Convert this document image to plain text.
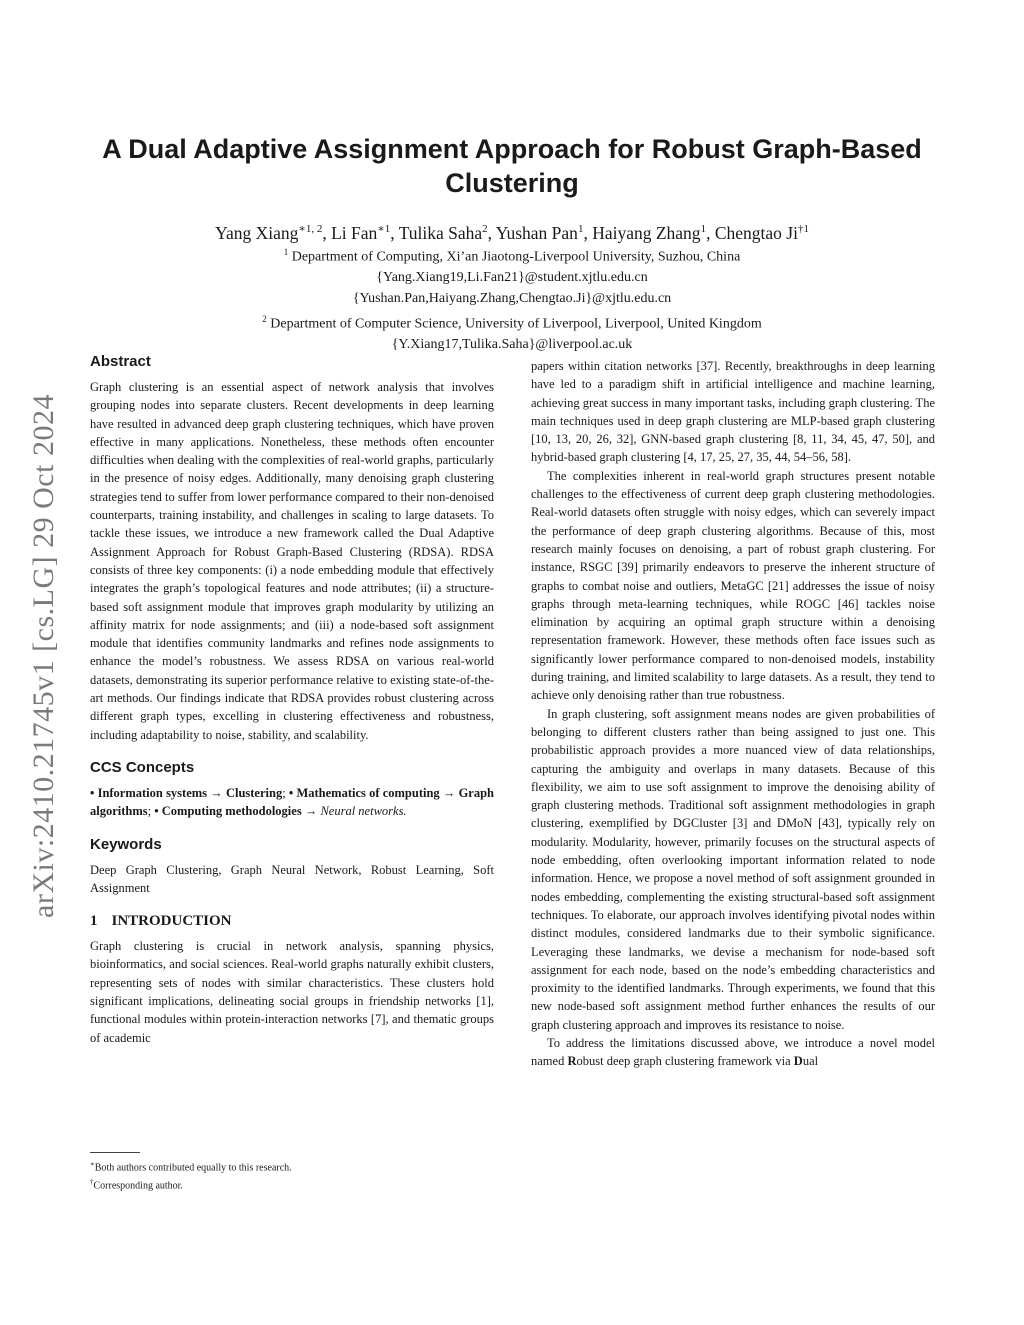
arXiv:2410.21745v1 [cs.LG] 29 Oct 2024
A Dual Adaptive Assignment Approach for Robust Graph-Based
Clustering
Yang Xiang$^{∗1, 2}$, Li Fan$^{∗1}$, Tulika Saha$^2$, Yushan Pan$^1$, Haiyang Zhang$^1$, Chengtao Ji$^{\dagger 1}$
$^1$ Department of Computing, Xi’an Jiaotong-Liverpool University, Suzhou, China
{Yang.Xiang19,Li.Fan21}@student.xjtlu.edu.cn
{Yushan.Pan,Haiyang.Zhang,Chengtao.Ji}@xjtlu.edu.cn
$^2$ Department of Computer Science, University of Liverpool, Liverpool, United Kingdom
{Y.Xiang17,Tulika.Saha}@liverpool.ac.uk
Abstract

Graph clustering is an essential aspect of network analysis that involves grouping nodes into separate clusters. Recent developments in deep learning have resulted in advanced deep graph clustering techniques, which have proven effective in many applications. Nonetheless, these methods often encounter difficulties when dealing with the complexities of real-world graphs, particularly in the presence of noisy edges. Additionally, many denoising graph clustering strategies tend to suffer from lower performance compared to their non-denoised counterparts, training instability, and challenges in scaling to large datasets. To tackle these issues, we introduce a new framework called the Dual Adaptive Assignment Approach for Robust Graph-Based Clustering (RDSA). RDSA consists of three key components: (i) a node embedding module that effectively integrates the graph’s topological features and node attributes; (ii) a structure-based soft assignment module that improves graph modularity by utilizing an affinity matrix for node assignments; and (iii) a node-based soft assignment module that identifies community landmarks and refines node assignments to enhance the model’s robustness. We assess RDSA on various real-world datasets, demonstrating its superior performance relative to existing state-of-the-art methods. Our findings indicate that RDSA provides robust clustering across different graph types, excelling in clustering effectiveness and robustness, including adaptability to noise, stability, and scalability.

CCS Concepts

• Information systems → Clustering; • Mathematics of computing → Graph algorithms; • Computing methodologies → Neural networks.

Keywords

Deep Graph Clustering, Graph Neural Network, Robust Learning, Soft Assignment

1 INTRODUCTION

Graph clustering is crucial in network analysis, spanning physics, bioinformatics, and social sciences. Real-world graphs naturally exhibit clusters, representing sets of nodes with similar characteristics. These clusters hold significant implications, delineating social groups in friendship networks [1], functional modules within protein-interaction networks [7], and thematic groups of academic

papers within citation networks [37]. Recently, breakthroughs in deep learning have led to a paradigm shift in artificial intelligence and machine learning, achieving great success in many important tasks, including graph clustering. The main techniques used in deep graph clustering are MLP-based graph clustering [10, 13, 20, 26, 32], GNN-based graph clustering [8, 11, 34, 45, 47, 50], and hybrid-based graph clustering [4, 17, 25, 27, 35, 44, 54–56, 58].

The complexities inherent in real-world graph structures present notable challenges to the effectiveness of current deep graph clustering methodologies. Real-world datasets often struggle with noisy edges, which can severely impact the performance of deep graph clustering algorithms. Because of this, most research mainly focuses on denoising, a part of robust graph clustering. For instance, RSGC [39] primarily endeavors to preserve the inherent structure of graphs to combat noise and outliers, MetaGC [21] addresses the issue of noisy graphs through meta-learning techniques, while ROGC [46] tackles noise elimination by acquiring an optimal graph structure within a denoising representation framework. However, these methods often face issues such as significantly lower performance compared to non-denoised models, instability during training, and limited scalability to large datasets. As a result, they tend to achieve only denoising rather than true robustness.

In graph clustering, soft assignment means nodes are given probabilities of belonging to different clusters rather than being assigned to just one. This probabilistic approach provides a more nuanced view of data relationships, capturing the ambiguity and overlaps in many datasets. Because of this flexibility, we aim to use soft assignment to improve the denoising ability of graph clustering methods. Traditional soft assignment methodologies in graph clustering, exemplified by DGCluster [3] and DMoN [43], typically rely on modularity. Modularity, however, primarily focuses on the structural aspects of node embedding, often overlooking important information related to node information. Hence, we propose a novel method of soft assignment grounded in nodes embedding, complementing the existing structural-based soft assignment techniques. To elaborate, our approach involves identifying pivotal nodes within distinct modules, considered landmarks due to their symbolic significance. Leveraging these landmarks, we devise a mechanism for node-based soft assignment for each node, based on the node’s embedding characteristics and proximity to the identified landmarks. Through experiments, we found that this new node-based soft assignment method further enhances the results of our graph clustering approach and improves its resistance to noise.

To address the limitations discussed above, we introduce a novel model named Robust deep graph clustering framework via Dual

∗Both authors contributed equally to this research.
†Corresponding author.
